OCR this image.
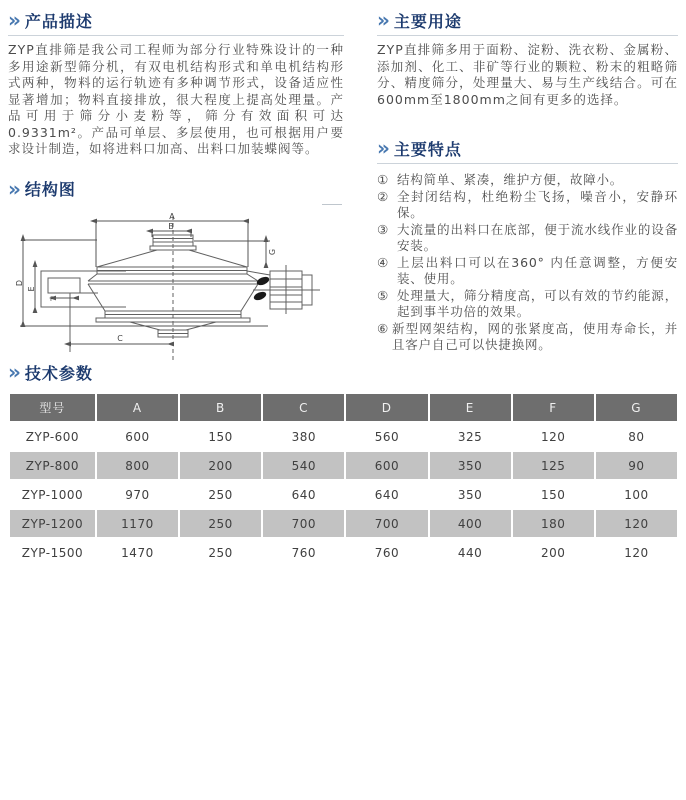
» 产品描述

ZYP直排筛是我公司工程师为部分行业特殊设计的一种多用途新型筛分机，有双电机结构形式和单电机结构形式两种，物料的运行轨迹有多种调节形式，设备适应性显著增加；物料直接排放，很大程度上提高处理量。产品可用于筛分小麦粉等，筛分有效面积可达0.9331m²。产品可单层、多层使用，也可根据用户要求设计制造，如将进料口加高、出料口加装蝶阀等。

» 结构图
A
B
C
D
E
F
G
» 主要用途

ZYP直排筛多用于面粉、淀粉、洗衣粉、金属粉、添加剂、化工、非矿等行业的颗粒、粉末的粗略筛分、精度筛分，处理量大、易与生产线结合。可在600mm至1800mm之间有更多的选择。

» 主要特点
① 结构简单、紧凑，维护方便，故障小。
② 全封闭结构，杜绝粉尘飞扬，噪音小，安静环保。
③ 大流量的出料口在底部，便于流水线作业的设备安装。
④ 上层出料口可以在360° 内任意调整，方便安装、使用。
⑤ 处理量大，筛分精度高，可以有效的节约能源，起到事半功倍的效果。
⑥ 新型网架结构，网的张紧度高，使用寿命长，并且客户自己可以快捷换网。
» 技术参数
型号	A	B	C	D	E	F	G
ZYP-600	600	150	380	560	325	120	80
ZYP-800	800	200	540	600	350	125	90
ZYP-1000	970	250	640	640	350	150	100
ZYP-1200	1170	250	700	700	400	180	120
ZYP-1500	1470	250	760	760	440	200	120
